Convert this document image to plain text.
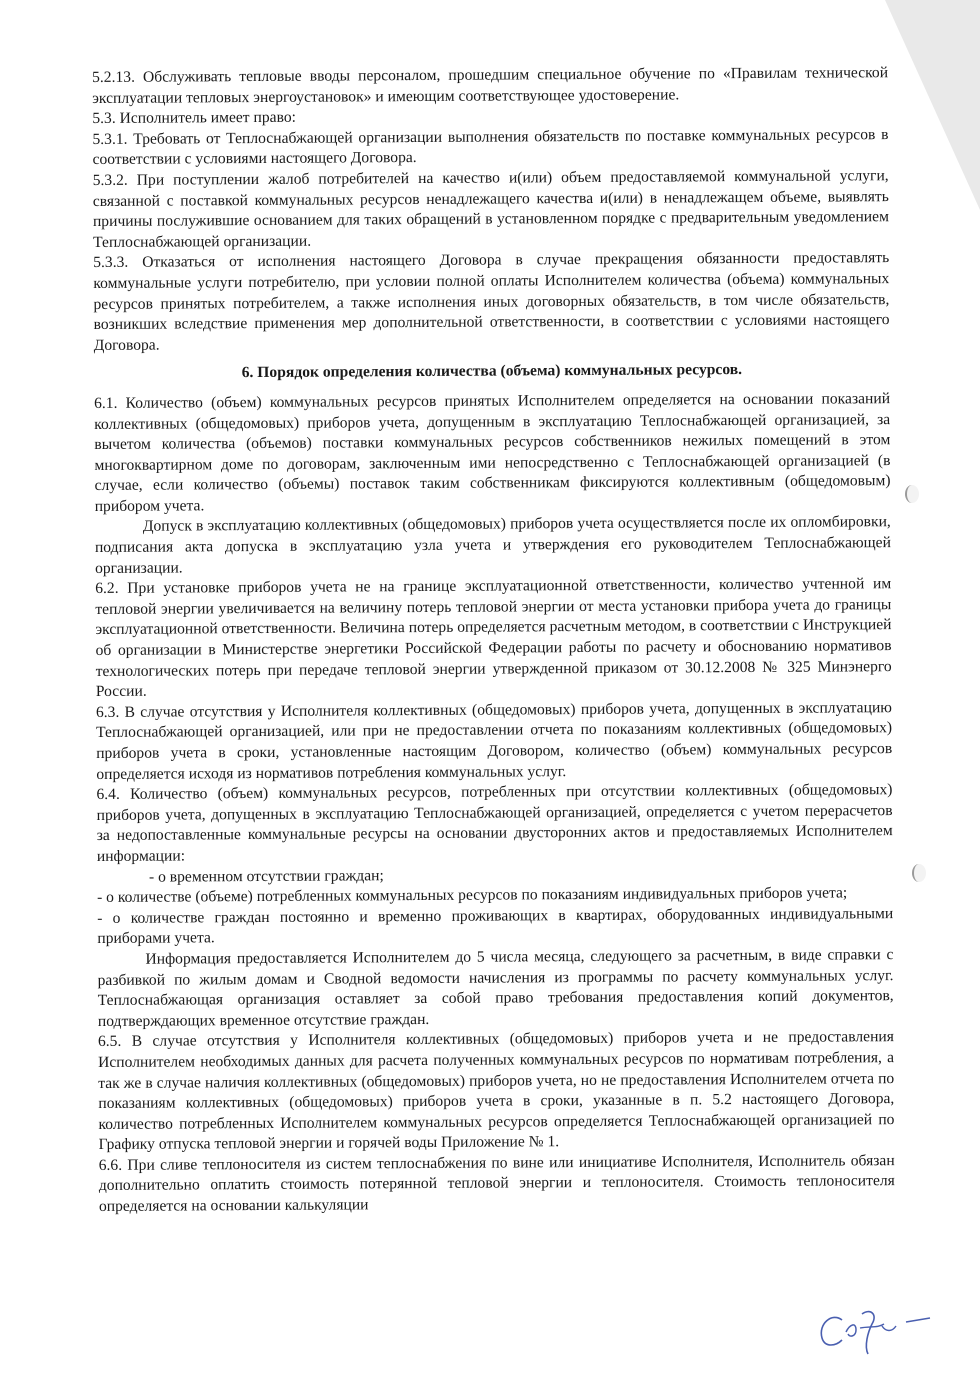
5.2.13. Обслуживать тепловые вводы персоналом, прошедшим специальное обучение по «Правилам технической эксплуатации тепловых энергоустановок» и имеющим соответствующее удостоверение.

5.3. Исполнитель имеет право:

5.3.1. Требовать от Теплоснабжающей организации выполнения обязательств по поставке коммунальных ресурсов в соответствии с условиями настоящего Договора.

5.3.2. При поступлении жалоб потребителей на качество и(или) объем предоставляемой коммунальной услуги, связанной с поставкой коммунальных ресурсов ненадлежащего качества и(или) в ненадлежащем объеме, выявлять причины послужившие основанием для таких обращений в установленном порядке с предварительным уведомлением Теплоснабжающей организации.

5.3.3. Отказаться от исполнения настоящего Договора в случае прекращения обязанности предоставлять коммунальные услуги потребителю, при условии полной оплаты Исполнителем количества (объема) коммунальных ресурсов принятых потребителем, а также исполнения иных договорных обязательств, в том числе обязательств, возникших вследствие применения мер дополнительной ответственности, в соответствии с условиями настоящего Договора.

6. Порядок определения количества (объема) коммунальных ресурсов.

6.1. Количество (объем) коммунальных ресурсов принятых Исполнителем определяется на основании показаний коллективных (общедомовых) приборов учета, допущенным в эксплуатацию Теплоснабжающей организацией, за вычетом количества (объемов) поставки коммунальных ресурсов собственников нежилых помещений в этом многоквартирном доме по договорам, заключенным ими непосредственно с Теплоснабжающей организацией (в случае, если количество (объемы) поставок таким собственникам фиксируются коллективным (общедомовым) прибором учета.

Допуск в эксплуатацию коллективных (общедомовых) приборов учета осуществляется после их опломбировки, подписания акта допуска в эксплуатацию узла учета и утверждения его руководителем Теплоснабжающей организации.

6.2. При установке приборов учета не на границе эксплуатационной ответственности, количество учтенной им тепловой энергии увеличивается на величину потерь тепловой энергии от места установки прибора учета до границы эксплуатационной ответственности. Величина потерь определяется расчетным методом, в соответствии с Инструкцией об организации в Министерстве энергетики Российской Федерации работы по расчету и обоснованию нормативов технологических потерь при передаче тепловой энергии утвержденной приказом от 30.12.2008 № 325 Минэнерго России.

6.3. В случае отсутствия у Исполнителя коллективных (общедомовых) приборов учета, допущенных в эксплуатацию Теплоснабжающей организацией, или при не предоставлении отчета по показаниям коллективных (общедомовых) приборов учета в сроки, установленные настоящим Договором, количество (объем) коммунальных ресурсов определяется исходя из нормативов потребления коммунальных услуг.

6.4. Количество (объем) коммунальных ресурсов, потребленных при отсутствии коллективных (общедомовых) приборов учета, допущенных в эксплуатацию Теплоснабжающей организацией, определяется с учетом перерасчетов за недопоставленные коммунальные ресурсы на основании двусторонних актов и предоставляемых Исполнителем информации:

- о временном отсутствии граждан;

- о количестве (объеме) потребленных коммунальных ресурсов по показаниям индивидуальных приборов учета;

- о количестве граждан постоянно и временно проживающих в квартирах, оборудованных индивидуальными приборами учета.

Информация предоставляется Исполнителем до 5 числа месяца, следующего за расчетным, в виде справки с разбивкой по жилым домам и Сводной ведомости начисления из программы по расчету коммунальных услуг. Теплоснабжающая организация оставляет за собой право требования предоставления копий документов, подтверждающих временное отсутствие граждан.

6.5. В случае отсутствия у Исполнителя коллективных (общедомовых) приборов учета и не предоставления Исполнителем необходимых данных для расчета полученных коммунальных ресурсов по нормативам потребления, а так же в случае наличия коллективных (общедомовых) приборов учета, но не предоставления Исполнителем отчета по показаниям коллективных (общедомовых) приборов учета в сроки, указанные в п. 5.2 настоящего Договора, количество потребленных Исполнителем коммунальных ресурсов определяется Теплоснабжающей организацией по Графику отпуска тепловой энергии и горячей воды Приложение № 1.

6.6. При сливе теплоносителя из систем теплоснабжения по вине или инициативе Исполнителя, Исполнитель обязан дополнительно оплатить стоимость потерянной тепловой энергии и теплоносителя. Стоимость теплоносителя определяется на основании калькуляции
